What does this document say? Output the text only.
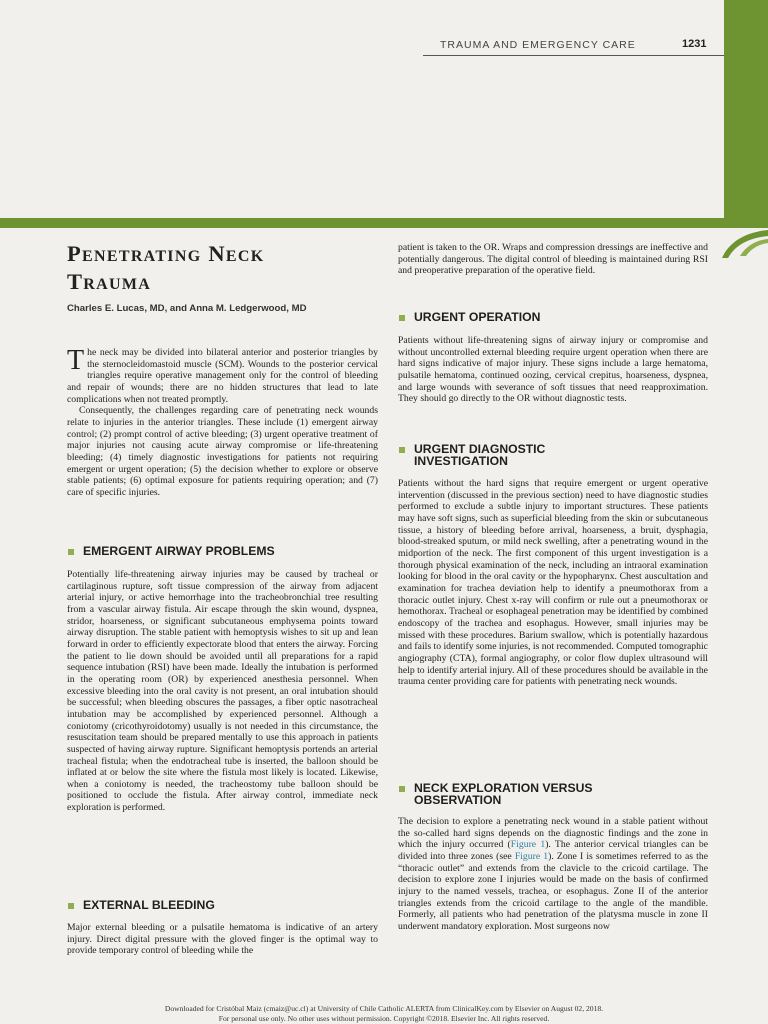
TRAUMA AND EMERGENCY CARE	1231
Penetrating Neck
Trauma
Charles E. Lucas, MD, and Anna M. Ledgerwood, MD

The neck may be divided into bilateral anterior and posterior triangles by the sternocleidomastoid muscle (SCM). Wounds to the posterior cervical triangles require operative management only for the control of bleeding and repair of wounds; there are no hidden structures that lead to late complications when not treated promptly.

Consequently, the challenges regarding care of penetrating neck wounds relate to injuries in the anterior triangles. These include (1) emergent airway control; (2) prompt control of active bleeding; (3) urgent operative treatment of major injuries not causing acute airway compromise or life-threatening bleeding; (4) timely diagnostic investigations for patients not requiring emergent or urgent operation; (5) the decision whether to explore or observe stable patients; (6) optimal exposure for patients requiring operation; and (7) care of specific injuries.

EMERGENT AIRWAY PROBLEMS

Potentially life-threatening airway injuries may be caused by tracheal or cartilaginous rupture, soft tissue compression of the airway from adjacent arterial injury, or active hemorrhage into the tracheobronchial tree resulting from a vascular airway fistula. Air escape through the skin wound, dyspnea, stridor, hoarseness, or significant subcutaneous emphysema points toward airway disruption. The stable patient with hemoptysis wishes to sit up and lean forward in order to efficiently expectorate blood that enters the airway. Forcing the patient to lie down should be avoided until all preparations for a rapid sequence intubation (RSI) have been made. Ideally the intubation is performed in the operating room (OR) by experienced anesthesia personnel. When excessive bleeding into the oral cavity is not present, an oral intubation should be successful; when bleeding obscures the passages, a fiber optic nasotracheal intubation may be accomplished by experienced personnel. Although a coniotomy (cricothyroidotomy) usually is not needed in this circumstance, the resuscitation team should be prepared mentally to use this approach in patients suspected of having airway rupture. Significant hemoptysis portends an arterial tracheal fistula; when the endotracheal tube is inserted, the balloon should be inflated at or below the site where the fistula most likely is located. Likewise, when a coniotomy is needed, the tracheostomy tube balloon should be positioned to occlude the fistula. After airway control, immediate neck exploration is performed.

EXTERNAL BLEEDING

Major external bleeding or a pulsatile hematoma is indicative of an artery injury. Direct digital pressure with the gloved finger is the optimal way to provide temporary control of bleeding while the

patient is taken to the OR. Wraps and compression dressings are ineffective and potentially dangerous. The digital control of bleeding is maintained during RSI and preoperative preparation of the operative field.

URGENT OPERATION

Patients without life-threatening signs of airway injury or compromise and without uncontrolled external bleeding require urgent operation when there are hard signs indicative of major injury. These signs include a large hematoma, pulsatile hematoma, continued oozing, cervical crepitus, hoarseness, dyspnea, and large wounds with severance of soft tissues that need reapproximation. They should go directly to the OR without diagnostic tests.

URGENT DIAGNOSTIC
INVESTIGATION

Patients without the hard signs that require emergent or urgent operative intervention (discussed in the previous section) need to have diagnostic studies performed to exclude a subtle injury to important structures. These patients may have soft signs, such as superficial bleeding from the skin or subcutaneous tissue, a history of bleeding before arrival, hoarseness, a bruit, dysphagia, blood-streaked sputum, or mild neck swelling, after a penetrating wound in the midportion of the neck. The first component of this urgent investigation is a thorough physical examination of the neck, including an intraoral examination looking for blood in the oral cavity or the hypopharynx. Chest auscultation and examination for trachea deviation help to identify a pneumothorax from a thoracic outlet injury. Chest x-ray will confirm or rule out a pneumothorax or hemothorax. Tracheal or esophageal penetration may be identified by combined endoscopy of the trachea and esophagus. However, small injuries may be missed with these procedures. Barium swallow, which is potentially hazardous and fails to identify some injuries, is not recommended. Computed tomographic angiography (CTA), formal angiography, or color flow duplex ultrasound will help to identify arterial injury. All of these procedures should be available in the trauma center providing care for patients with penetrating neck wounds.

NECK EXPLORATION VERSUS
OBSERVATION

The decision to explore a penetrating neck wound in a stable patient without the so-called hard signs depends on the diagnostic findings and the zone in which the injury occurred (Figure 1). The anterior cervical triangles can be divided into three zones (see Figure 1). Zone I is sometimes referred to as the “thoracic outlet” and extends from the clavicle to the cricoid cartilage. The decision to explore zone I injuries would be made on the basis of confirmed injury to the named vessels, trachea, or esophagus. Zone II of the anterior triangles extends from the cricoid cartilage to the angle of the mandible. Formerly, all patients who had penetration of the platysma muscle in zone II underwent mandatory exploration. Most surgeons now

Downloaded for Cristóbal Maiz (cmaiz@uc.cl) at University of Chile Catholic ALERTA from ClinicalKey.com by Elsevier on August 02, 2018.
For personal use only. No other uses without permission. Copyright ©2018. Elsevier Inc. All rights reserved.
